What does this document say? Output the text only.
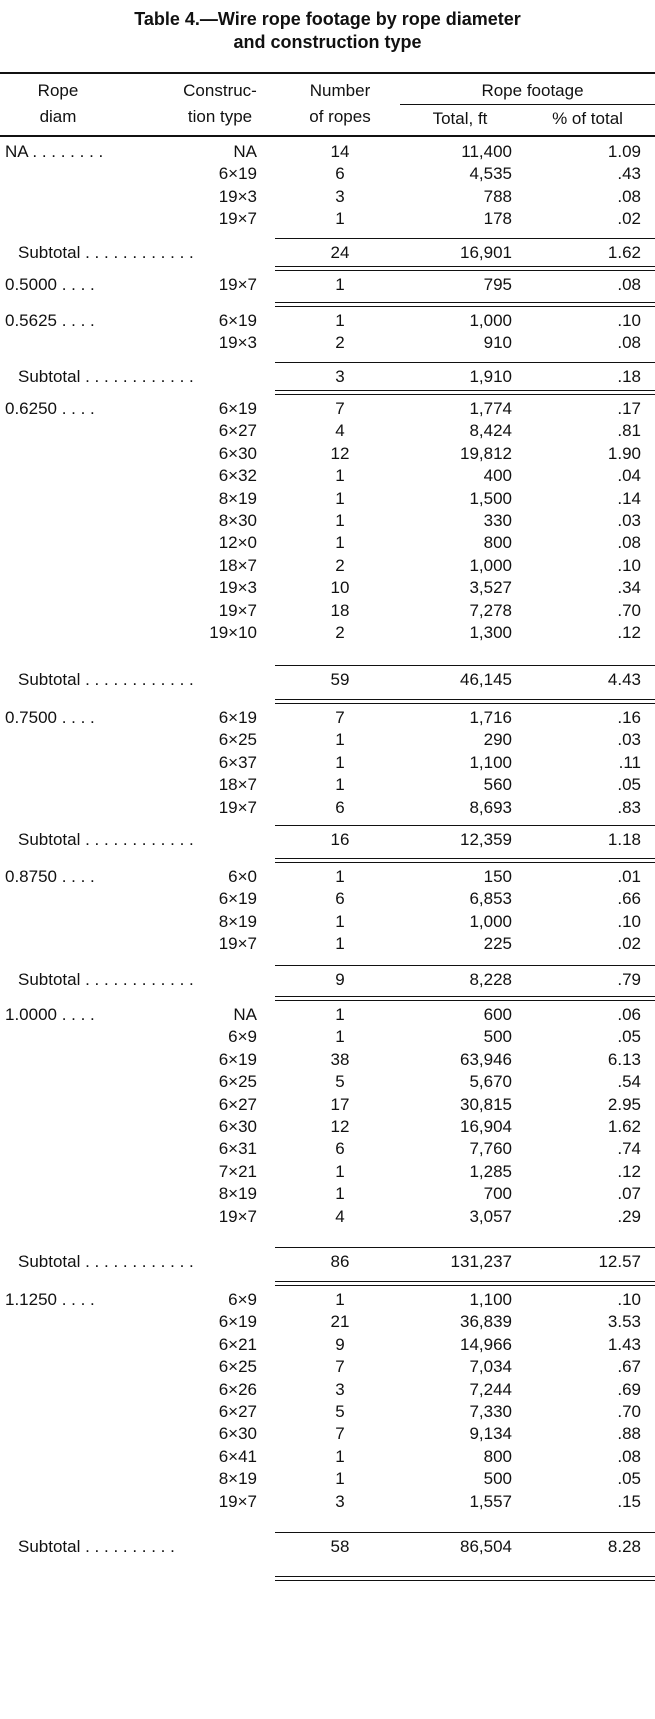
Table 4.—Wire rope footage by rope diameter
and construction type
Rope
diam
Construc-
tion type
Number
of ropes
Rope footage
Total, ft	% of total
NA . . . . . . . .	NA	14	11,400	1.09
6×19	6	4,535	.43
19×3	3	788	.08
19×7	1	178	.02
Subtotal . . . . . . . . . . . .	24	16,901	1.62
0.5000 . . . .	19×7	1	795	.08
0.5625 . . . .	6×19	1	1,000	.10
19×3	2	910	.08
Subtotal . . . . . . . . . . . .	3	1,910	.18
0.6250 . . . .	6×19	7	1,774	.17
6×27	4	8,424	.81
6×30	12	19,812	1.90
6×32	1	400	.04
8×19	1	1,500	.14
8×30	1	330	.03
12×0	1	800	.08
18×7	2	1,000	.10
19×3	10	3,527	.34
19×7	18	7,278	.70
19×10	2	1,300	.12
Subtotal . . . . . . . . . . . .	59	46,145	4.43
0.7500 . . . .	6×19	7	1,716	.16
6×25	1	290	.03
6×37	1	1,100	.11
18×7	1	560	.05
19×7	6	8,693	.83
Subtotal . . . . . . . . . . . .	16	12,359	1.18
0.8750 . . . .	6×0	1	150	.01
6×19	6	6,853	.66
8×19	1	1,000	.10
19×7	1	225	.02
Subtotal . . . . . . . . . . . .	9	8,228	.79
1.0000 . . . .	NA	1	600	.06
6×9	1	500	.05
6×19	38	63,946	6.13
6×25	5	5,670	.54
6×27	17	30,815	2.95
6×30	12	16,904	1.62
6×31	6	7,760	.74
7×21	1	1,285	.12
8×19	1	700	.07
19×7	4	3,057	.29
Subtotal . . . . . . . . . . . .	86	131,237	12.57
1.1250 . . . .	6×9	1	1,100	.10
6×19	21	36,839	3.53
6×21	9	14,966	1.43
6×25	7	7,034	.67
6×26	3	7,244	.69
6×27	5	7,330	.70
6×30	7	9,134	.88
6×41	1	800	.08
8×19	1	500	.05
19×7	3	1,557	.15
Subtotal . . . . . . . . . .	58	86,504	8.28
